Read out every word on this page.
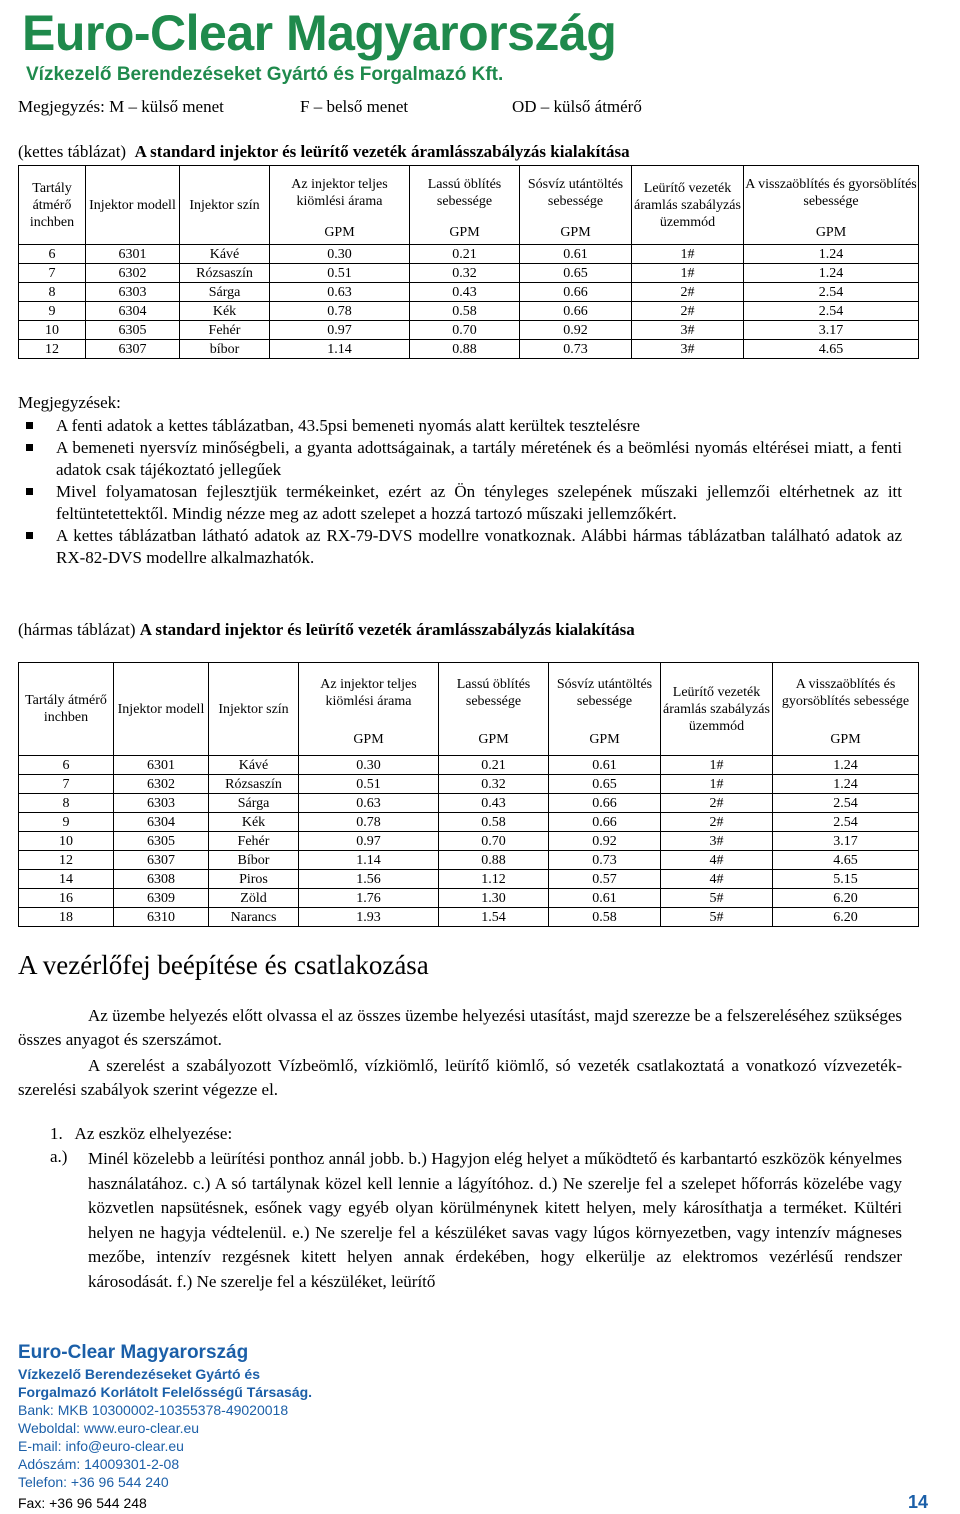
Euro-Clear Magyarország
Vízkezelő Berendezéseket Gyártó és Forgalmazó Kft.
Megjegyzés: M – külső menet	F – belső menet	OD – külső átmérő
(kettes táblázat) A standard injektor és leürítő vezeték áramlásszabályzás kialakítása
Tartály átmérő inchben	Injektor modell	Injektor szín	Az injektor teljes kiömlési árama	Lassú öblítés sebessége	Sósvíz utántöltés sebessége	Leürítő vezeték áramlás szabályzás üzemmód	A visszaöblítés és gyorsöblítés sebessége
			GPM	GPM	GPM		GPM
6	6301	Kávé	0.30	0.21	0.61	1#	1.24
7	6302	Rózsaszín	0.51	0.32	0.65	1#	1.24
8	6303	Sárga	0.63	0.43	0.66	2#	2.54
9	6304	Kék	0.78	0.58	0.66	2#	2.54
10	6305	Fehér	0.97	0.70	0.92	3#	3.17
12	6307	bíbor	1.14	0.88	0.73	3#	4.65
Megjegyzések:

A fenti adatok a kettes táblázatban, 43.5psi bemeneti nyomás alatt kerültek tesztelésre

A bemeneti nyersvíz minőségbeli, a gyanta adottságainak, a tartály méretének és a beömlési nyomás eltérései miatt, a fenti adatok csak tájékoztató jellegűek

Mivel folyamatosan fejlesztjük termékeinket, ezért az Ön tényleges szelepének műszaki jellemzői eltérhetnek az itt feltüntetettektől. Mindig nézze meg az adott szelepet a hozzá tartozó műszaki jellemzőkért.

A kettes táblázatban látható adatok az RX-79-DVS modellre vonatkoznak. Alábbi hármas táblázatban található adatok az RX-82-DVS modellre alkalmazhatók.

(hármas táblázat) A standard injektor és leürítő vezeték áramlásszabályzás kialakítása
Tartály átmérő inchben	Injektor modell	Injektor szín	Az injektor teljes kiömlési árama	Lassú öblítés sebessége	Sósvíz utántöltés sebessége	Leürítő vezeték áramlás szabályzás üzemmód	A visszaöblítés és gyorsöblítés sebessége
			GPM	GPM	GPM		GPM
6	6301	Kávé	0.30	0.21	0.61	1#	1.24
7	6302	Rózsaszín	0.51	0.32	0.65	1#	1.24
8	6303	Sárga	0.63	0.43	0.66	2#	2.54
9	6304	Kék	0.78	0.58	0.66	2#	2.54
10	6305	Fehér	0.97	0.70	0.92	3#	3.17
12	6307	Bíbor	1.14	0.88	0.73	4#	4.65
14	6308	Piros	1.56	1.12	0.57	4#	5.15
16	6309	Zöld	1.76	1.30	0.61	5#	6.20
18	6310	Narancs	1.93	1.54	0.58	5#	6.20
A vezérlőfej beépítése és csatlakozása
Az üzembe helyezés előtt olvassa el az összes üzembe helyezési utasítást, majd szerezze be a felszereléséhez szükséges összes anyagot és szerszámot.
A szerelést a szabályozott Vízbeömlő, vízkiömlő, leürítő kiömlő, só vezeték csatlakoztatá a vonatkozó vízvezeték-szerelési szabályok szerint végezze el.
1.   Az eszköz elhelyezése:
a.) Minél közelebb a leürítési ponthoz annál jobb. b.) Hagyjon elég helyet a működtető és karbantartó eszközök kényelmes használatához. c.) A só tartálynak közel kell lennie a lágyítóhoz. d.) Ne szerelje fel a szelepet hőforrás közelébe vagy közvetlen napsütésnek, esőnek vagy egyéb olyan körülménynek kitett helyen, mely károsíthatja a terméket. Kültéri helyen ne hagyja védtelenül. e.) Ne szerelje fel a készüléket savas vagy lúgos környezetben, vagy intenzív mágneses mezőbe, intenzív rezgésnek kitett helyen annak érdekében, hogy elkerülje az elektromos vezérlésű rendszer károsodását. f.) Ne szerelje fel a készüléket, leürítő
Euro-Clear Magyarország
Vízkezelő Berendezéseket Gyártó és
Forgalmazó Korlátolt Felelősségű Társaság.
Bank: MKB 10300002-10355378-49020018
Weboldal: www.euro-clear.eu
E-mail: info@euro-clear.eu
Adószám: 14009301-2-08
Telefon: +36 96 544 240
Fax: +36 96 544 248	14
